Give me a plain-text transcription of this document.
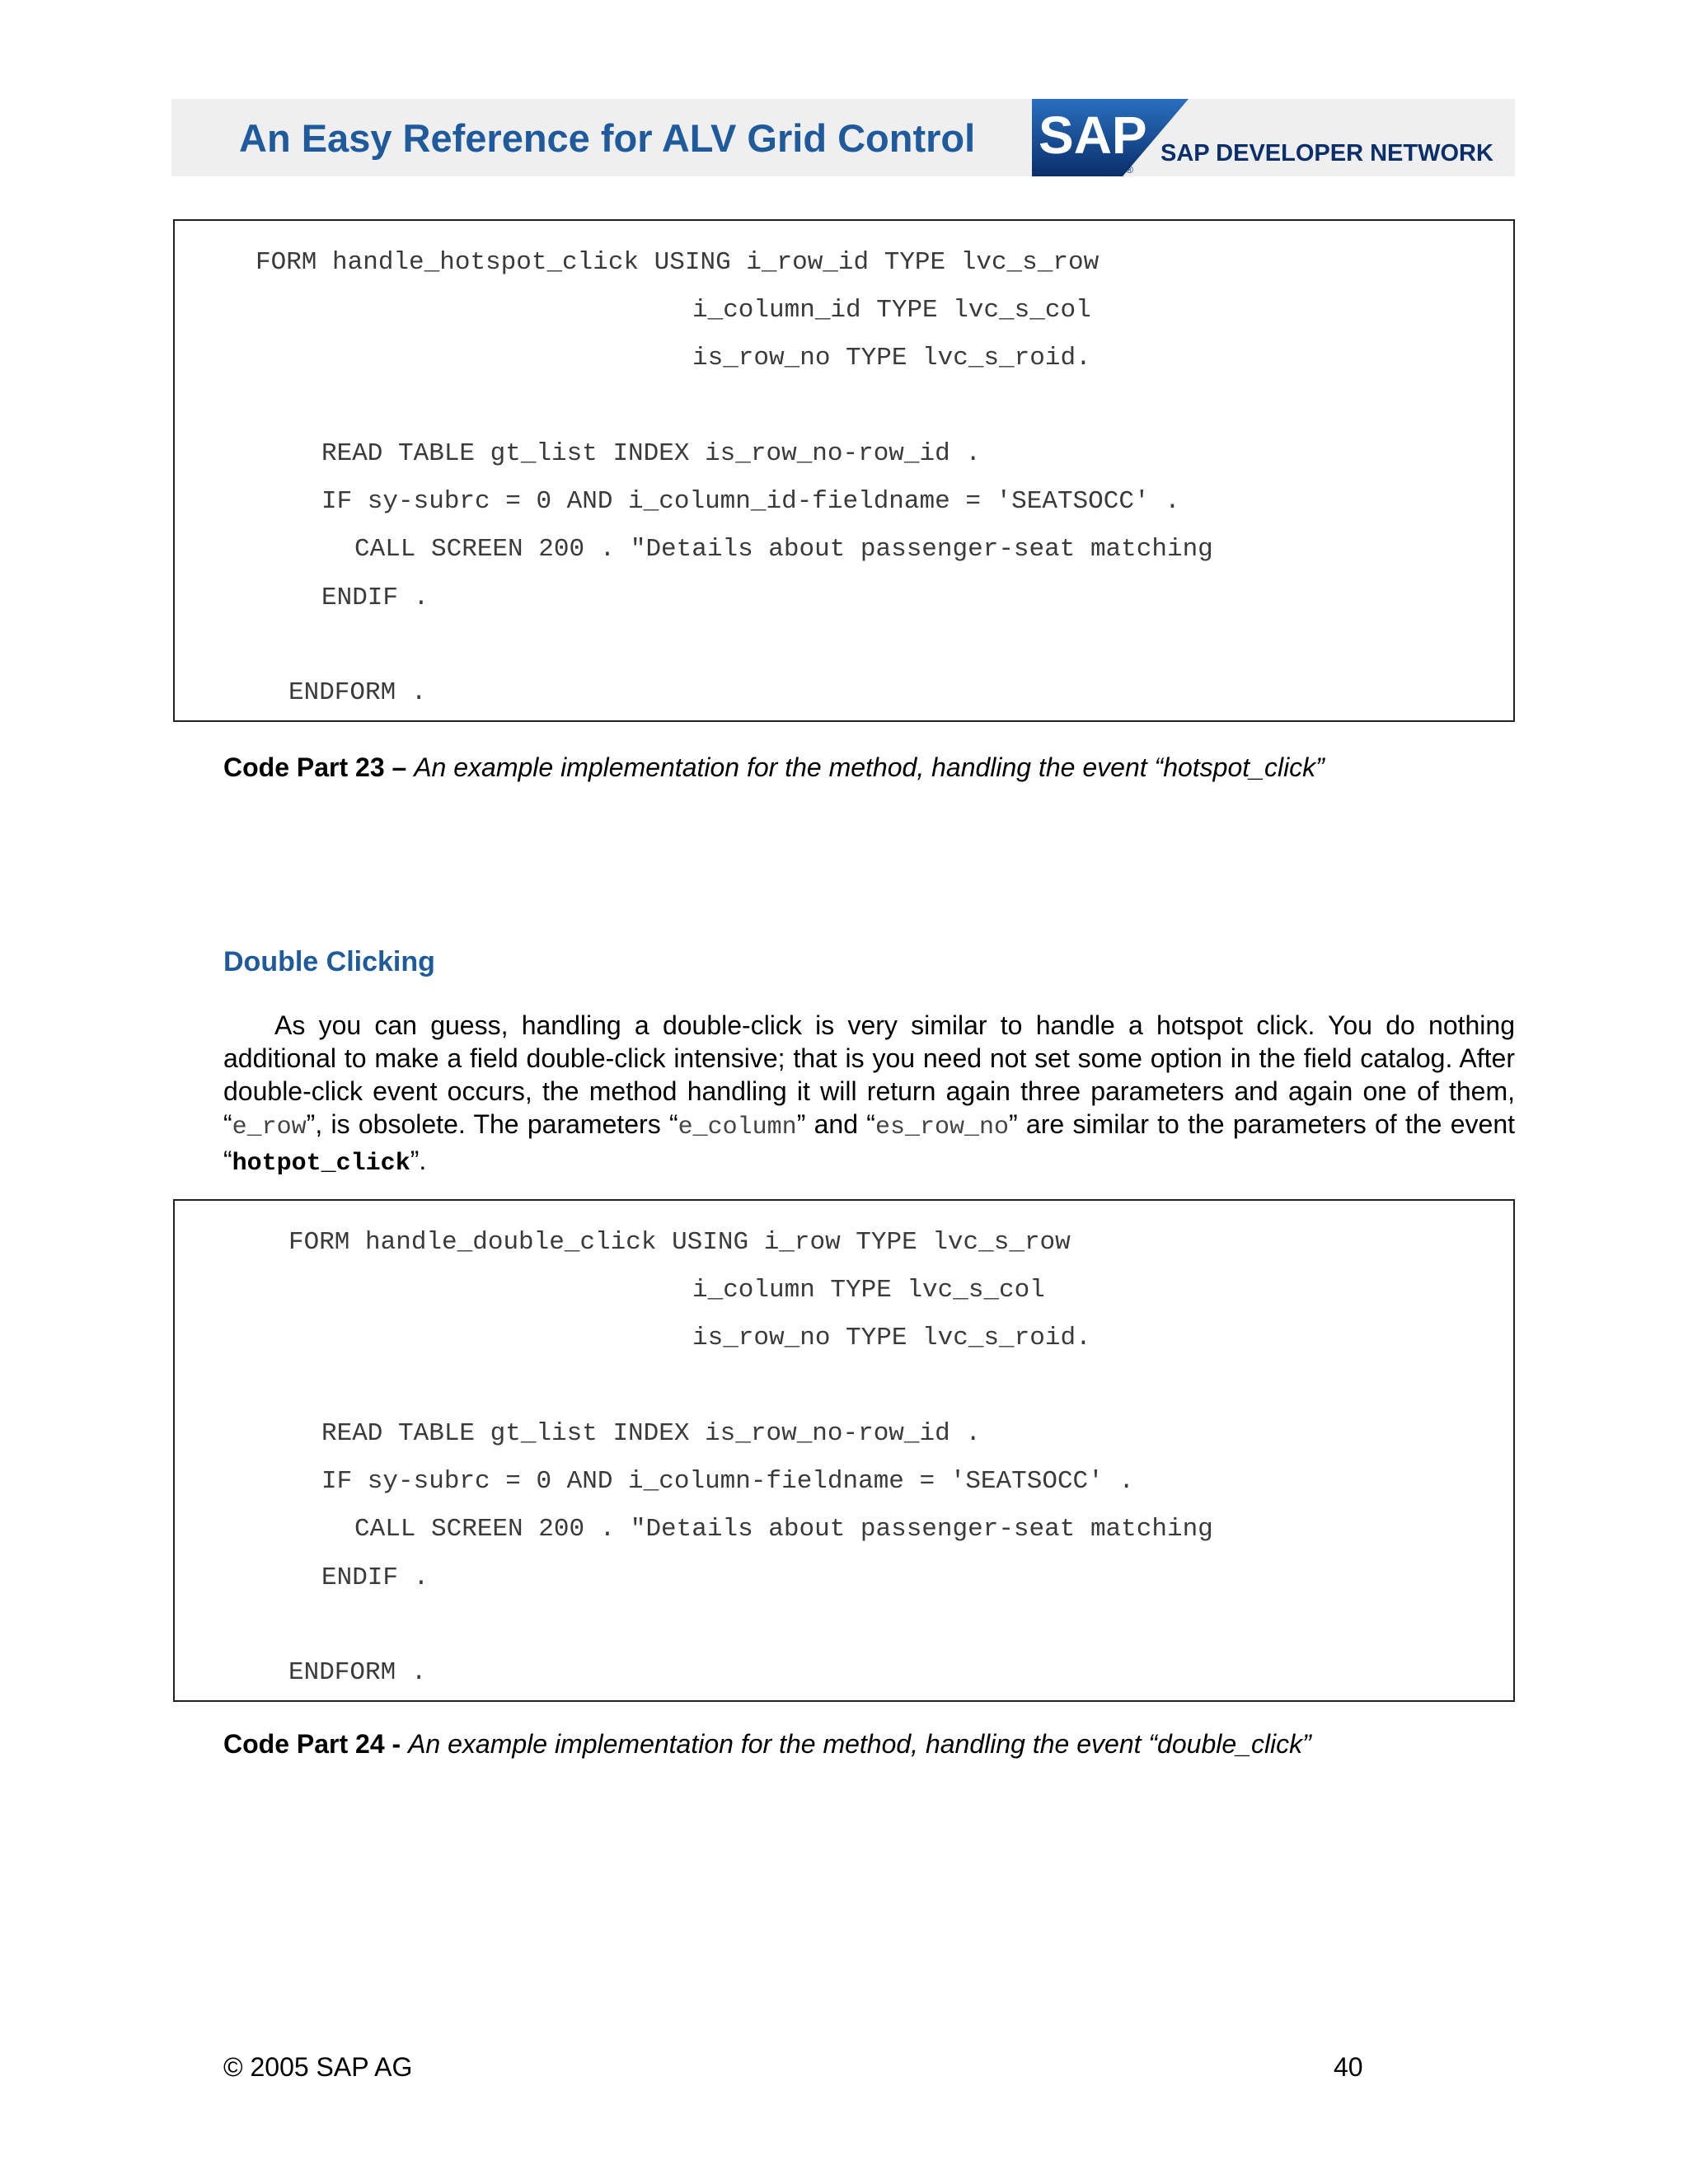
An Easy Reference for ALV Grid Control SAP
®
SAP DEVELOPER NETWORK
FORM handle_hotspot_click USING i_row_id TYPE lvc_s_row
i_column_id TYPE lvc_s_col
is_row_no TYPE lvc_s_roid.
READ TABLE gt_list INDEX is_row_no-row_id .
IF sy-subrc = 0 AND i_column_id-fieldname = 'SEATSOCC' .
CALL SCREEN 200 . "Details about passenger-seat matching
ENDIF .
ENDFORM .
Code Part 23 – An example implementation for the method, handling the event “hotspot_click”
Double Clicking
As you can guess, handling a double-click is very similar to handle a hotspot click. You do nothing additional to make a field double-click intensive; that is you need not set some option in the field catalog. After double-click event occurs, the method handling it will return again three parameters and again one of them, “e_row”, is obsolete. The parameters “e_column” and “es_row_no” are similar to the parameters of the event “hotpot_click”.
FORM handle_double_click USING i_row TYPE lvc_s_row
i_column TYPE lvc_s_col
is_row_no TYPE lvc_s_roid.
READ TABLE gt_list INDEX is_row_no-row_id .
IF sy-subrc = 0 AND i_column-fieldname = 'SEATSOCC' .
CALL SCREEN 200 . "Details about passenger-seat matching
ENDIF .
ENDFORM .
Code Part 24 - An example implementation for the method, handling the event “double_click”
© 2005 SAP AG	40
